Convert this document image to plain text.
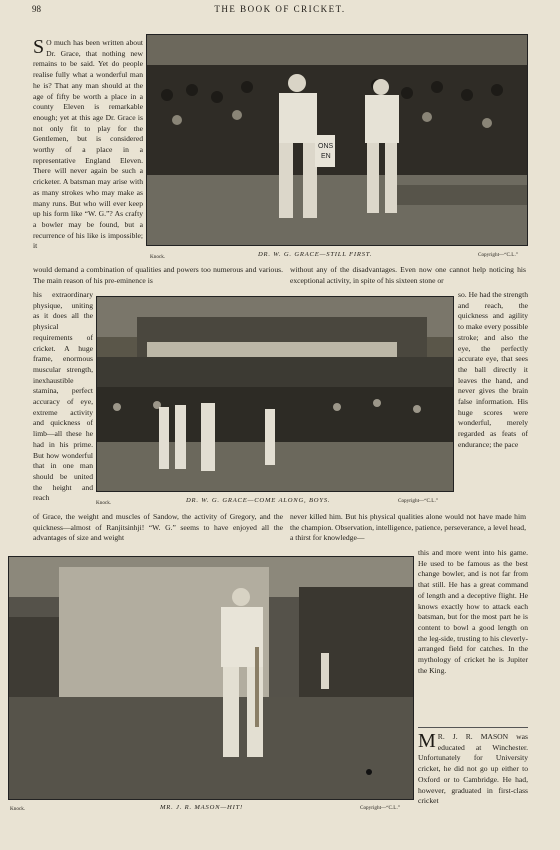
98	THE BOOK OF CRICKET.

S O much has been written about Dr. Grace, that nothing new remains to be said. Yet do people realise fully what a wonderful man he is? That any man should at the age of fifty be worth a place in a county Eleven is remarkable enough; yet at this age Dr. Grace is not only fit to play for the Gentlemen, but is considered worthy of a place in a representative England Eleven. There will never again be such a cricketer. A batsman may arise with as many strokes who may make as many runs. But who will ever keep up his form like “W. G.”? As crafty a bowler may be found, but a recurrence of his like is impossible; it

ONS
EN
Knock.	DR. W. G. GRACE—STILL FIRST.	Copyright—“C.L.”
would demand a combination of qualities and powers too numerous and various. The main reason of his pre-eminence is
without any of the disadvantages. Even now one cannot help noticing his exceptional activity, in spite of his sixteen stone or
his extraordinary physique, uniting as it does all the physical requirements of cricket. A huge frame, enormous muscular strength, inexhaustible stamina, perfect accuracy of eye, extreme activity and quickness of limb—all these he had in his prime. But how wonderful that in one man should be united the height and reach
Knock.	DR. W. G. GRACE—COME ALONG, BOYS.	Copyright—“C.L.”
so. He had the strength and reach, the quickness and agility to make every possible stroke; and also the eye, the perfectly accurate eye, that sees the ball directly it leaves the hand, and never gives the brain false information. His huge scores were wonderful, merely regarded as feats of endurance; the pace
of Grace, the weight and muscles of Sandow, the activity of Gregory, and the quickness—almost of Ranjitsinhji! “W. G.” seems to have enjoyed all the advantages of size and weight
never killed him. But his physical qualities alone would not have made him the champion. Observation, intelligence, patience, perseverance, a level head, a thirst for knowledge—
Knock.	MR. J. R. MASON—HIT!	Copyright—“C.L.”
this and more went into his game. He used to be famous as the best change bowler, and is not far from that still. He has a great command of length and a deceptive flight. He knows exactly how to attack each batsman, but for the most part he is content to bowl a good length on the leg-side, trusting to his cleverly-arranged field for catches. In the mythology of cricket he is Jupiter the King.

M R. J. R. MASON was educated at Winchester. Unfortunately for University cricket, he did not go up either to Oxford or to Cambridge. He had, however, graduated in first-class cricket
